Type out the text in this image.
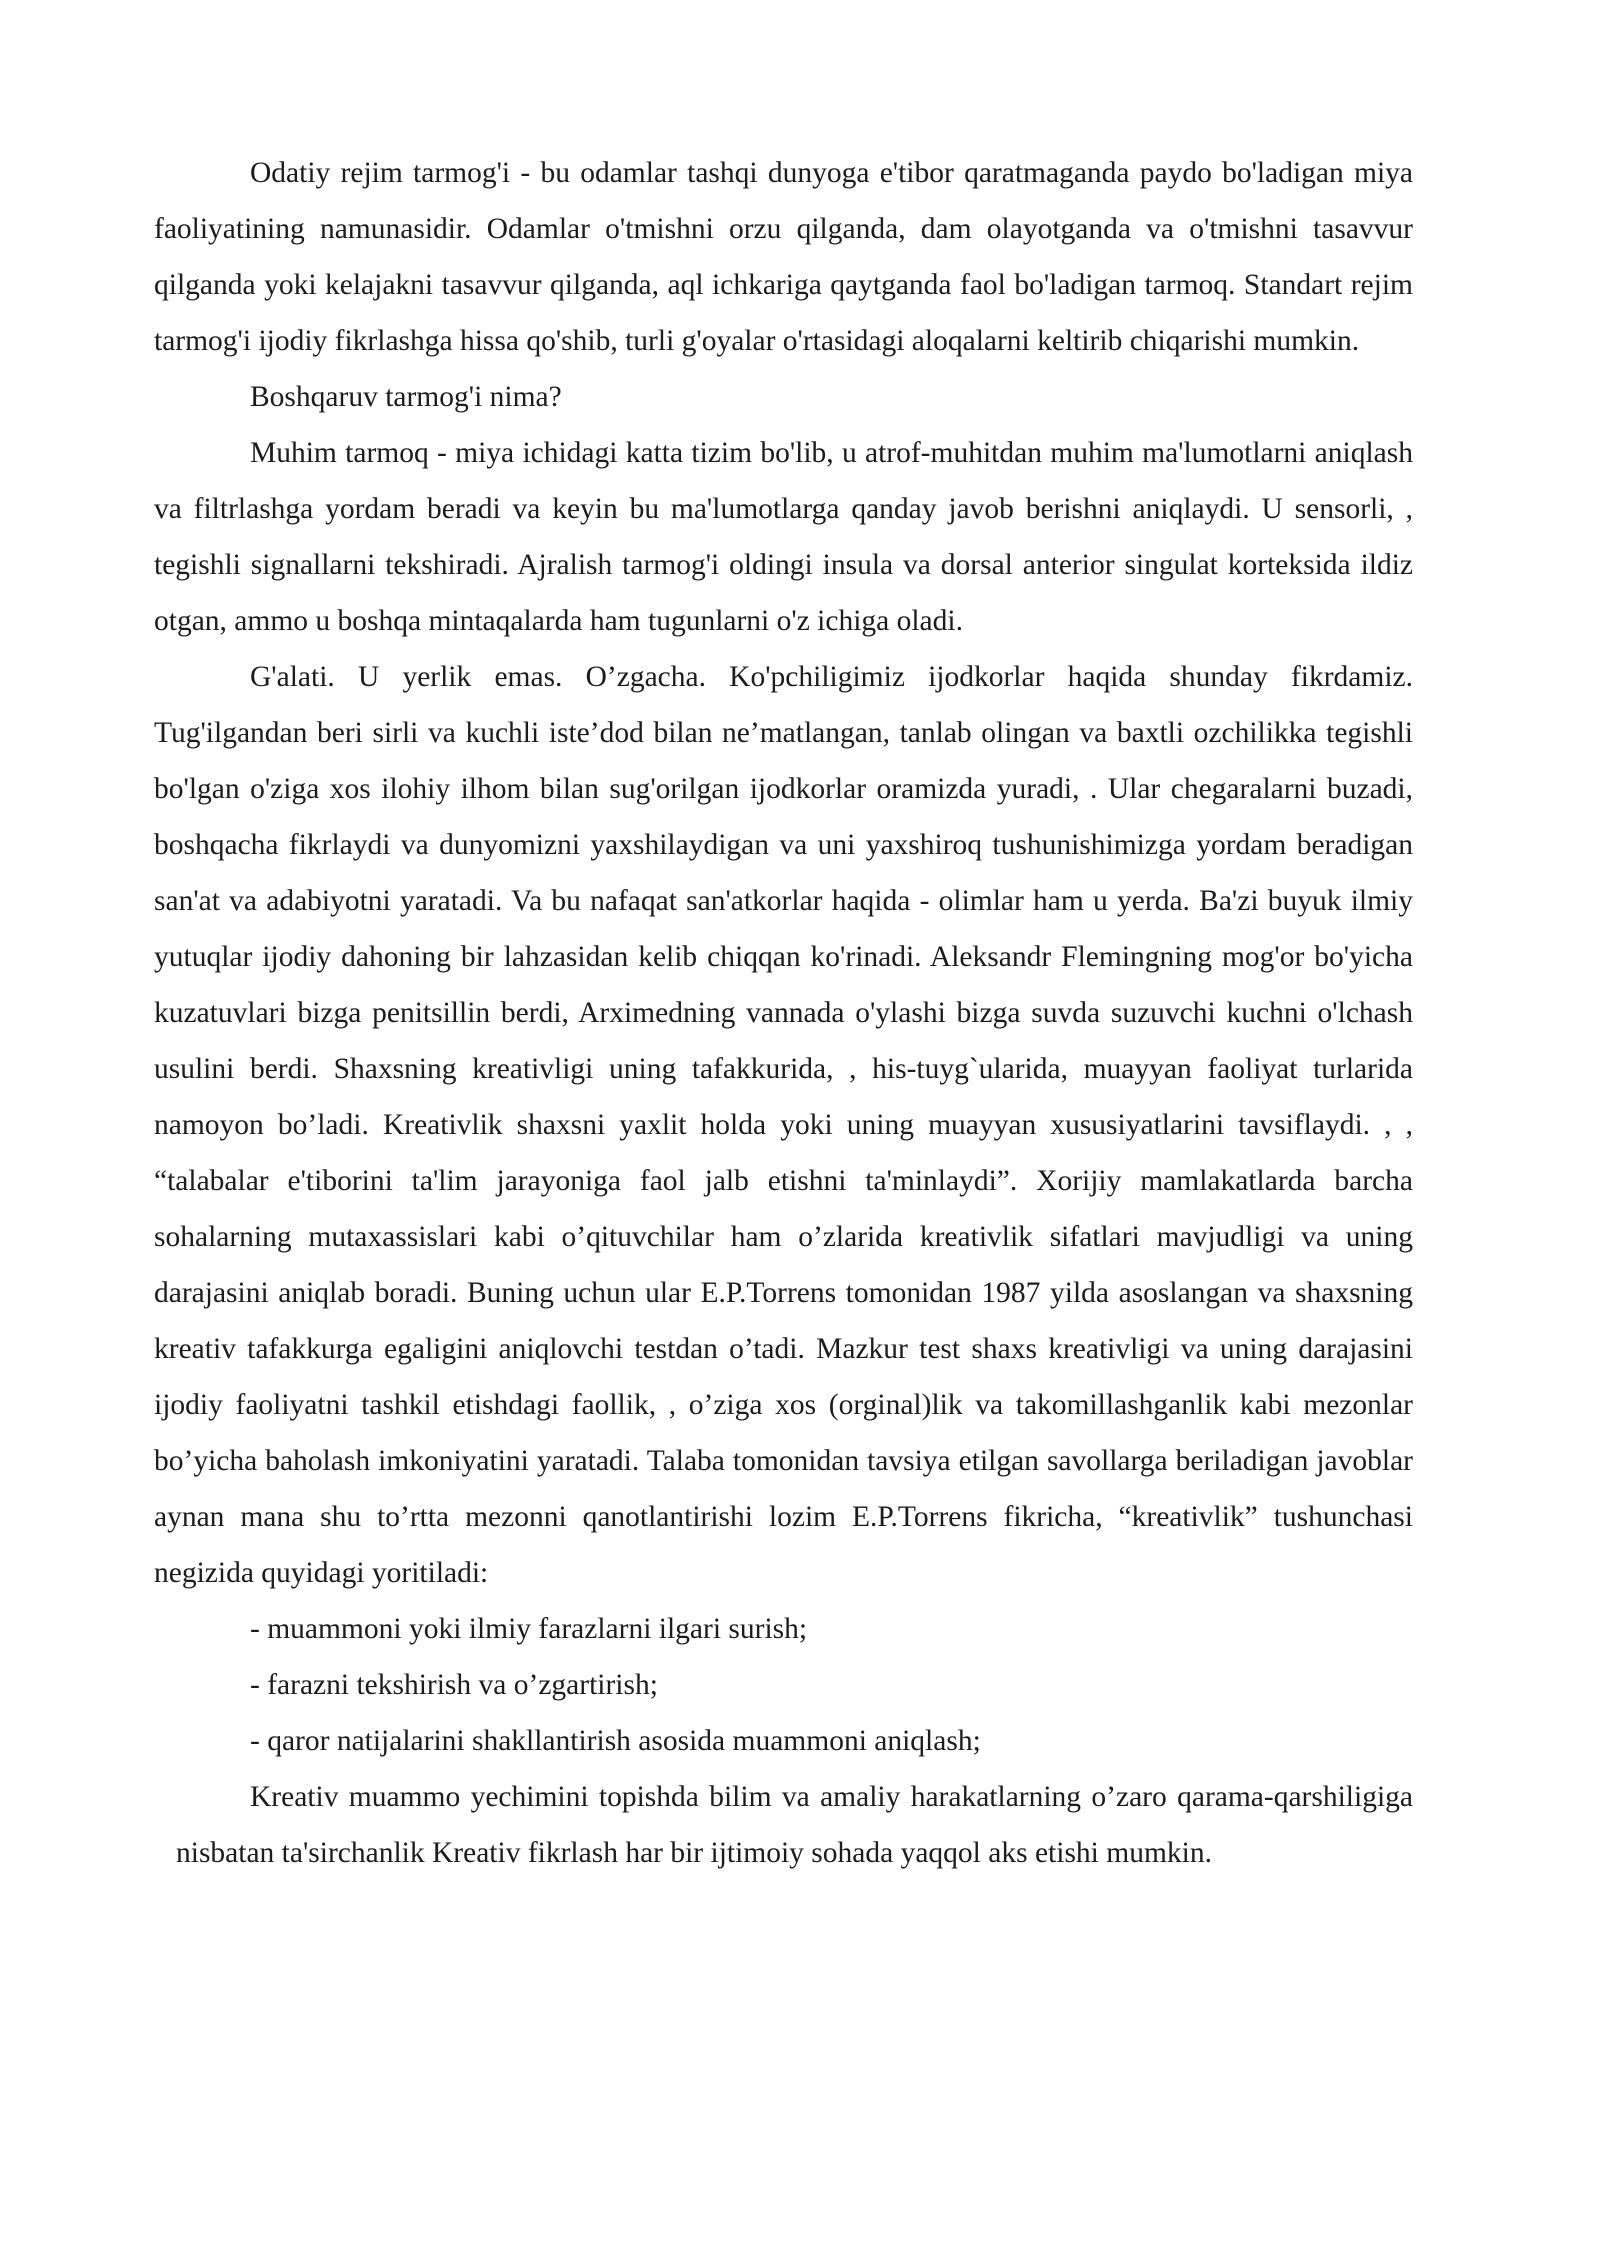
Odatiy rejim tarmog'i - bu odamlar tashqi dunyoga e'tibor qaratmaganda paydo bo'ladigan miya faoliyatining namunasidir. Odamlar o'tmishni orzu qilganda, dam olayotganda va o'tmishni tasavvur qilganda yoki kelajakni tasavvur qilganda, aql ichkariga qaytganda faol bo'ladigan tarmoq. Standart rejim tarmog'i ijodiy fikrlashga hissa qo'shib, turli g'oyalar o'rtasidagi aloqalarni keltirib chiqarishi mumkin.

Boshqaruv tarmog'i nima?

Muhim tarmoq - miya ichidagi katta tizim bo'lib, u atrof-muhitdan muhim ma'lumotlarni aniqlash va filtrlashga yordam beradi va keyin bu ma'lumotlarga qanday javob berishni aniqlaydi. U sensorli, , tegishli signallarni tekshiradi. Ajralish tarmog'i oldingi insula va dorsal anterior singulat korteksida ildiz otgan, ammo u boshqa mintaqalarda ham tugunlarni o'z ichiga oladi.

G'alati. U yerlik emas. O’zgacha. Ko'pchiligimiz ijodkorlar haqida shunday fikrdamiz. Tug'ilgandan beri sirli va kuchli iste’dod bilan ne’matlangan, tanlab olingan va baxtli ozchilikka tegishli bo'lgan o'ziga xos ilohiy ilhom bilan sug'orilgan ijodkorlar oramizda yuradi, . Ular chegaralarni buzadi, boshqacha fikrlaydi va dunyomizni yaxshilaydigan va uni yaxshiroq tushunishimizga yordam beradigan san'at va adabiyotni yaratadi. Va bu nafaqat san'atkorlar haqida - olimlar ham u yerda. Ba'zi buyuk ilmiy yutuqlar ijodiy dahoning bir lahzasidan kelib chiqqan ko'rinadi. Aleksandr Flemingning mog'or bo'yicha kuzatuvlari bizga penitsillin berdi, Arximedning vannada o'ylashi bizga suvda suzuvchi kuchni o'lchash usulini berdi. Shaxsning kreativligi uning tafakkurida, , his-tuyg`ularida, muayyan faoliyat turlarida namoyon bo’ladi. Kreativlik shaxsni yaxlit holda yoki uning muayyan xususiyatlarini tavsiflaydi. , , “talabalar e'tiborini ta'lim jarayoniga faol jalb etishni ta'minlaydi”. Xorijiy mamlakatlarda barcha sohalarning mutaxassislari kabi o’qituvchilar ham o’zlarida kreativlik sifatlari mavjudligi va uning darajasini aniqlab boradi. Buning uchun ular E.P.Torrens tomonidan 1987 yilda asoslangan va shaxsning kreativ tafakkurga egaligini aniqlovchi testdan o’tadi. Mazkur test shaxs kreativligi va uning darajasini ijodiy faoliyatni tashkil etishdagi faollik, , o’ziga xos (orginal)lik va takomillashganlik kabi mezonlar bo’yicha baholash imkoniyatini yaratadi. Talaba tomonidan tavsiya etilgan savollarga beriladigan javoblar aynan mana shu to’rtta mezonni qanotlantirishi lozim E.P.Torrens fikricha, “kreativlik” tushunchasi negizida quyidagi yoritiladi:

- muammoni yoki ilmiy farazlarni ilgari surish;

- farazni tekshirish va o’zgartirish;

- qaror natijalarini shakllantirish asosida muammoni aniqlash;

Kreativ muammo yechimini topishda bilim va amaliy harakatlarning o’zaro qarama-qarshiligiga nisbatan ta'sirchanlik Kreativ fikrlash har bir ijtimoiy sohada yaqqol aks etishi mumkin.
